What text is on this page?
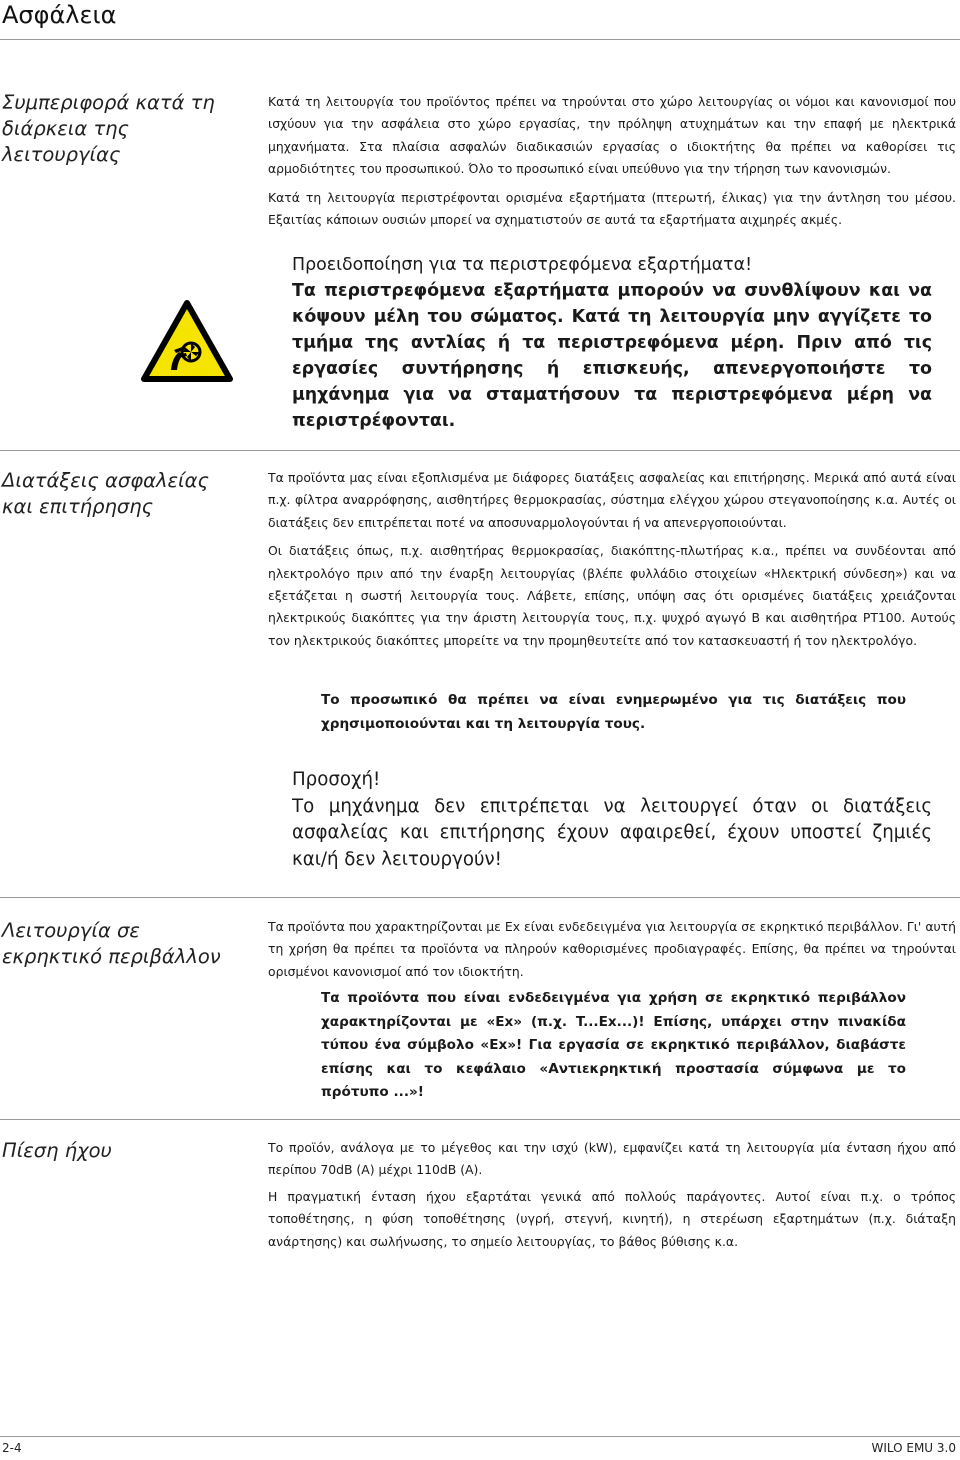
Ασφάλεια
Συμπεριφορά κατά τη διάρκεια της λειτουργίας

Κατά τη λειτουργία του προϊόντος πρέπει να τηρούνται στο χώρο λειτουργίας οι νόμοι και κανονισμοί που ισχύουν για την ασφάλεια στο χώρο εργασίας, την πρόληψη ατυχημάτων και την επαφή με ηλεκτρικά μηχανήματα. Στα πλαίσια ασφαλών διαδικασιών εργασίας ο ιδιοκτήτης θα πρέπει να καθορίσει τις αρμοδιότητες του προσωπικού. Όλο το προσωπικό είναι υπεύθυνο για την τήρηση των κανονισμών.

Κατά τη λειτουργία περιστρέφονται ορισμένα εξαρτήματα (πτερωτή, έλικας) για την άντληση του μέσου. Εξαιτίας κάποιων ουσιών μπορεί να σχηματιστούν σε αυτά τα εξαρτήματα αιχμηρές ακμές.

Προειδοποίηση για τα περιστρεφόμενα εξαρτήματα!

Τα περιστρεφόμενα εξαρτήματα μπορούν να συνθλίψουν και να κόψουν μέλη του σώματος. Κατά τη λειτουργία μην αγγίζετε το τμήμα της αντλίας ή τα περιστρεφόμενα μέρη. Πριν από τις εργασίες συντήρησης ή επισκευής, απενεργοποιήστε το μηχάνημα για να σταματήσουν τα περιστρεφόμενα μέρη να περιστρέφονται.

Διατάξεις ασφαλείας και επιτήρησης

Τα προϊόντα μας είναι εξοπλισμένα με διάφορες διατάξεις ασφαλείας και επιτήρησης. Μερικά από αυτά είναι π.χ. φίλτρα αναρρόφησης, αισθητήρες θερμοκρασίας, σύστημα ελέγχου χώρου στεγανοποίησης κ.α. Αυτές οι διατάξεις δεν επιτρέπεται ποτέ να αποσυναρμολογούνται ή να απενεργοποιούνται.

Οι διατάξεις όπως, π.χ. αισθητήρας θερμοκρασίας, διακόπτης-πλωτήρας κ.α., πρέπει να συνδέονται από ηλεκτρολόγο πριν από την έναρξη λειτουργίας (βλέπε φυλλάδιο στοιχείων «Ηλεκτρική σύνδεση») και να εξετάζεται η σωστή λειτουργία τους. Λάβετε, επίσης, υπόψη σας ότι ορισμένες διατάξεις χρειάζονται ηλεκτρικούς διακόπτες για την άριστη λειτουργία τους, π.χ. ψυχρό αγωγό Β και αισθητήρα PT100. Αυτούς τον ηλεκτρικούς διακόπτες μπορείτε να την προμηθευτείτε από τον κατασκευαστή ή τον ηλεκτρολόγο.

Το προσωπικό θα πρέπει να είναι ενημερωμένο για τις διατάξεις που χρησιμοποιούνται και τη λειτουργία τους.

Προσοχή!

Το μηχάνημα δεν επιτρέπεται να λειτουργεί όταν οι διατάξεις ασφαλείας και επιτήρησης έχουν αφαιρεθεί, έχουν υποστεί ζημιές και/ή δεν λειτουργούν!

Λειτουργία σε εκρηκτικό περιβάλλον

Τα προϊόντα που χαρακτηρίζονται με Ex είναι ενδεδειγμένα για λειτουργία σε εκρηκτικό περιβάλλον. Γι' αυτή τη χρήση θα πρέπει τα προϊόντα να πληρούν καθορισμένες προδιαγραφές. Επίσης, θα πρέπει να τηρούνται ορισμένοι κανονισμοί από τον ιδιοκτήτη.

Τα προϊόντα που είναι ενδεδειγμένα για χρήση σε εκρηκτικό περιβάλλον χαρακτηρίζονται με «Ex» (π.χ. T...Ex...)! Επίσης, υπάρχει στην πινακίδα τύπου ένα σύμβολο «Ex»! Για εργασία σε εκρηκτικό περιβάλλον, διαβάστε επίσης και το κεφάλαιο «Αντιεκρηκτική προστασία σύμφωνα με το πρότυπο ...»!

Πίεση ήχου	Το προϊόν, ανάλογα με το μέγεθος και την ισχύ (kW), εμφανίζει κατά τη λειτουργία μία ένταση ήχου από περίπου 70dB (A) μέχρι 110dB (A).

Η πραγματική ένταση ήχου εξαρτάται γενικά από πολλούς παράγοντες. Αυτοί είναι π.χ. ο τρόπος τοποθέτησης, η φύση τοποθέτησης (υγρή, στεγνή, κινητή), η στερέωση εξαρτημάτων (π.χ. διάταξη ανάρτησης) και σωλήνωσης, το σημείο λειτουργίας, το βάθος βύθισης κ.α.

2-4	WILO EMU 3.0
